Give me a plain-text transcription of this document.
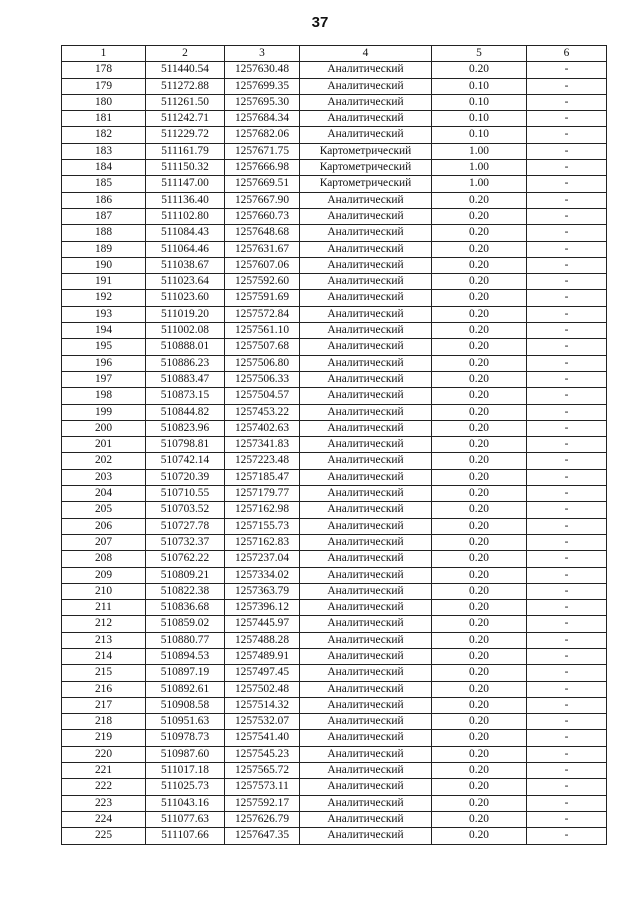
37
1	2	3	4	5	6
178	511440.54	1257630.48	Аналитический	0.20	-
179	511272.88	1257699.35	Аналитический	0.10	-
180	511261.50	1257695.30	Аналитический	0.10	-
181	511242.71	1257684.34	Аналитический	0.10	-
182	511229.72	1257682.06	Аналитический	0.10	-
183	511161.79	1257671.75	Картометрический	1.00	-
184	511150.32	1257666.98	Картометрический	1.00	-
185	511147.00	1257669.51	Картометрический	1.00	-
186	511136.40	1257667.90	Аналитический	0.20	-
187	511102.80	1257660.73	Аналитический	0.20	-
188	511084.43	1257648.68	Аналитический	0.20	-
189	511064.46	1257631.67	Аналитический	0.20	-
190	511038.67	1257607.06	Аналитический	0.20	-
191	511023.64	1257592.60	Аналитический	0.20	-
192	511023.60	1257591.69	Аналитический	0.20	-
193	511019.20	1257572.84	Аналитический	0.20	-
194	511002.08	1257561.10	Аналитический	0.20	-
195	510888.01	1257507.68	Аналитический	0.20	-
196	510886.23	1257506.80	Аналитический	0.20	-
197	510883.47	1257506.33	Аналитический	0.20	-
198	510873.15	1257504.57	Аналитический	0.20	-
199	510844.82	1257453.22	Аналитический	0.20	-
200	510823.96	1257402.63	Аналитический	0.20	-
201	510798.81	1257341.83	Аналитический	0.20	-
202	510742.14	1257223.48	Аналитический	0.20	-
203	510720.39	1257185.47	Аналитический	0.20	-
204	510710.55	1257179.77	Аналитический	0.20	-
205	510703.52	1257162.98	Аналитический	0.20	-
206	510727.78	1257155.73	Аналитический	0.20	-
207	510732.37	1257162.83	Аналитический	0.20	-
208	510762.22	1257237.04	Аналитический	0.20	-
209	510809.21	1257334.02	Аналитический	0.20	-
210	510822.38	1257363.79	Аналитический	0.20	-
211	510836.68	1257396.12	Аналитический	0.20	-
212	510859.02	1257445.97	Аналитический	0.20	-
213	510880.77	1257488.28	Аналитический	0.20	-
214	510894.53	1257489.91	Аналитический	0.20	-
215	510897.19	1257497.45	Аналитический	0.20	-
216	510892.61	1257502.48	Аналитический	0.20	-
217	510908.58	1257514.32	Аналитический	0.20	-
218	510951.63	1257532.07	Аналитический	0.20	-
219	510978.73	1257541.40	Аналитический	0.20	-
220	510987.60	1257545.23	Аналитический	0.20	-
221	511017.18	1257565.72	Аналитический	0.20	-
222	511025.73	1257573.11	Аналитический	0.20	-
223	511043.16	1257592.17	Аналитический	0.20	-
224	511077.63	1257626.79	Аналитический	0.20	-
225	511107.66	1257647.35	Аналитический	0.20	-
